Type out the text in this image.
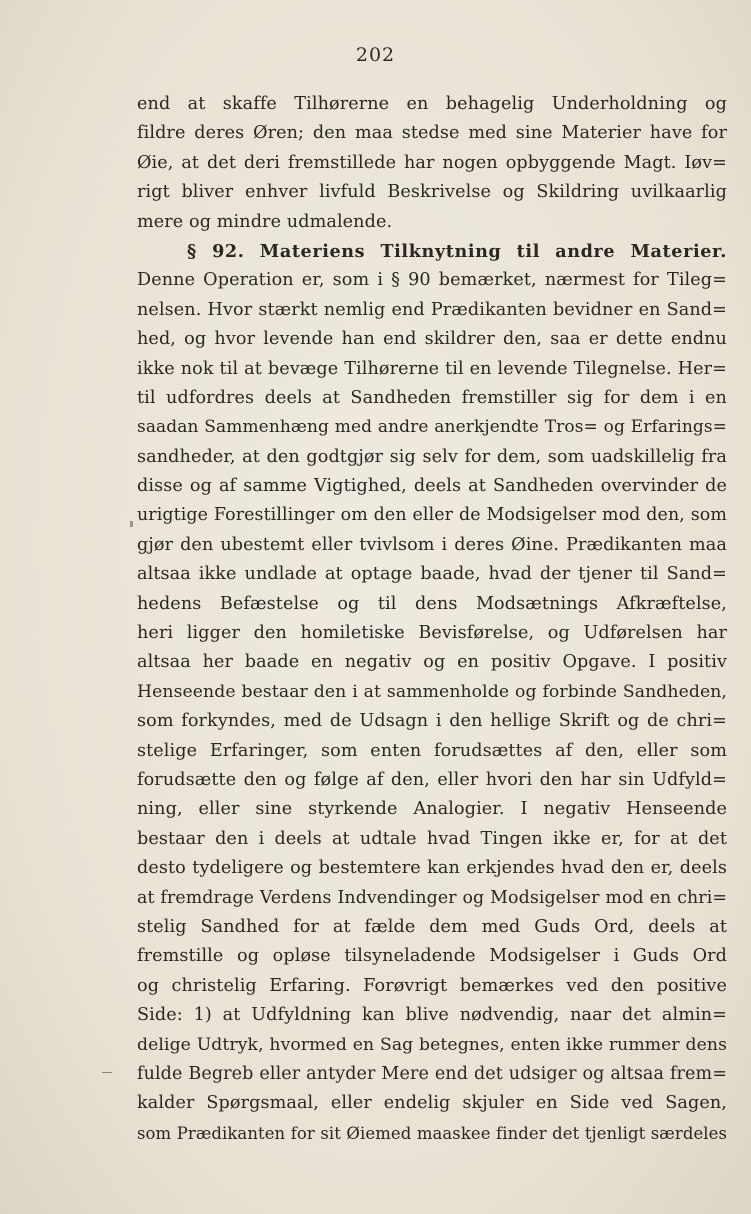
202
end at skaffe Tilhørerne en behagelig Underholdning og
fildre deres Øren; den maa stedse med sine Materier have for
Øie, at det deri fremstillede har nogen opbyggende Magt. Iøv=
rigt bliver enhver livfuld Beskrivelse og Skildring uvilkaarlig
mere og mindre udmalende.
§ 92. Materiens Tilknytning til andre Materier.
Denne Operation er, som i § 90 bemærket, nærmest for Tileg=
nelsen. Hvor stærkt nemlig end Prædikanten bevidner en Sand=
hed, og hvor levende han end skildrer den, saa er dette endnu
ikke nok til at bevæge Tilhørerne til en levende Tilegnelse. Her=
til udfordres deels at Sandheden fremstiller sig for dem i en
saadan Sammenhæng med andre anerkjendte Tros= og Erfarings=
sandheder, at den godtgjør sig selv for dem, som uadskillelig fra
disse og af samme Vigtighed, deels at Sandheden overvinder de
urigtige Forestillinger om den eller de Modsigelser mod den, som
gjør den ubestemt eller tvivlsom i deres Øine. Prædikanten maa
altsaa ikke undlade at optage baade, hvad der tjener til Sand=
hedens Befæstelse og til dens Modsætnings Afkræftelse,
heri ligger den homiletiske Bevisførelse, og Udførelsen har
altsaa her baade en negativ og en positiv Opgave. I positiv
Henseende bestaar den i at sammenholde og forbinde Sandheden,
som forkyndes, med de Udsagn i den hellige Skrift og de chri=
stelige Erfaringer, som enten forudsættes af den, eller som
forudsætte den og følge af den, eller hvori den har sin Udfyld=
ning, eller sine styrkende Analogier. I negativ Henseende
bestaar den i deels at udtale hvad Tingen ikke er, for at det
desto tydeligere og bestemtere kan erkjendes hvad den er, deels
at fremdrage Verdens Indvendinger og Modsigelser mod en chri=
stelig Sandhed for at fælde dem med Guds Ord, deels at
fremstille og opløse tilsyneladende Modsigelser i Guds Ord
og christelig Erfaring. Forøvrigt bemærkes ved den positive
Side: 1) at Udfyldning kan blive nødvendig, naar det almin=
delige Udtryk, hvormed en Sag betegnes, enten ikke rummer dens
fulde Begreb eller antyder Mere end det udsiger og altsaa frem=
kalder Spørgsmaal, eller endelig skjuler en Side ved Sagen,
som Prædikanten for sit Øiemed maaskee finder det tjenligt særdeles
